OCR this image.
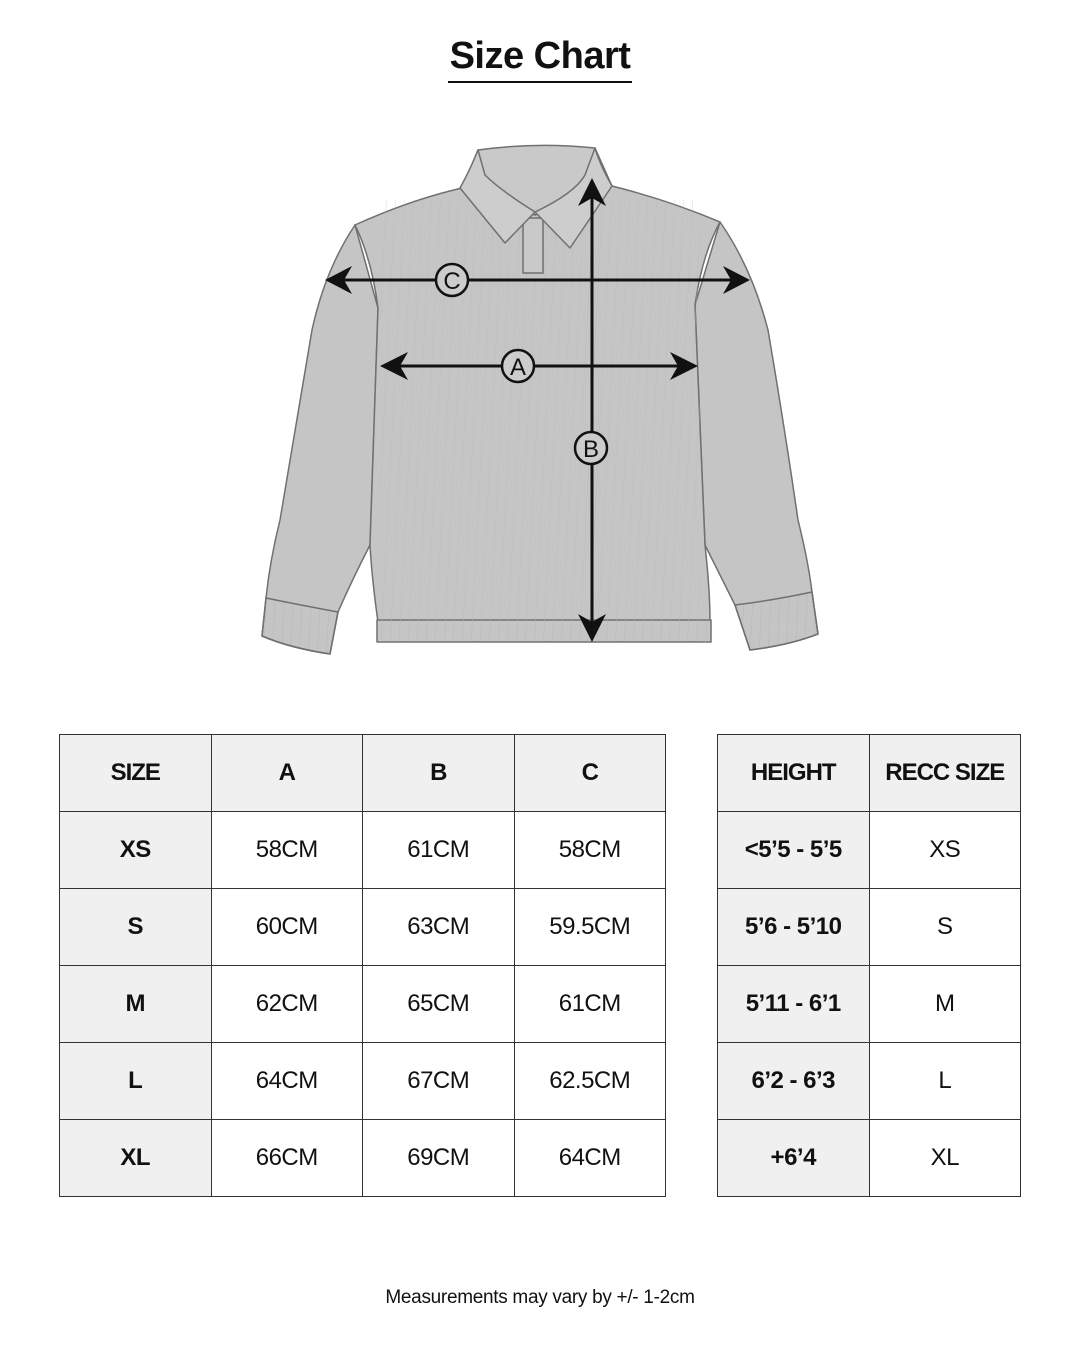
Size Chart
C
A
B
SIZE	A	B	C
XS	58CM	61CM	58CM
S	60CM	63CM	59.5CM
M	62CM	65CM	61CM
L	64CM	67CM	62.5CM
XL	66CM	69CM	64CM
HEIGHT	RECC SIZE
<5’5 - 5’5	XS
5’6 - 5’10	S
5’11 - 6’1	M
6’2 - 6’3	L
+6’4	XL
Measurements may vary by +/- 1-2cm
